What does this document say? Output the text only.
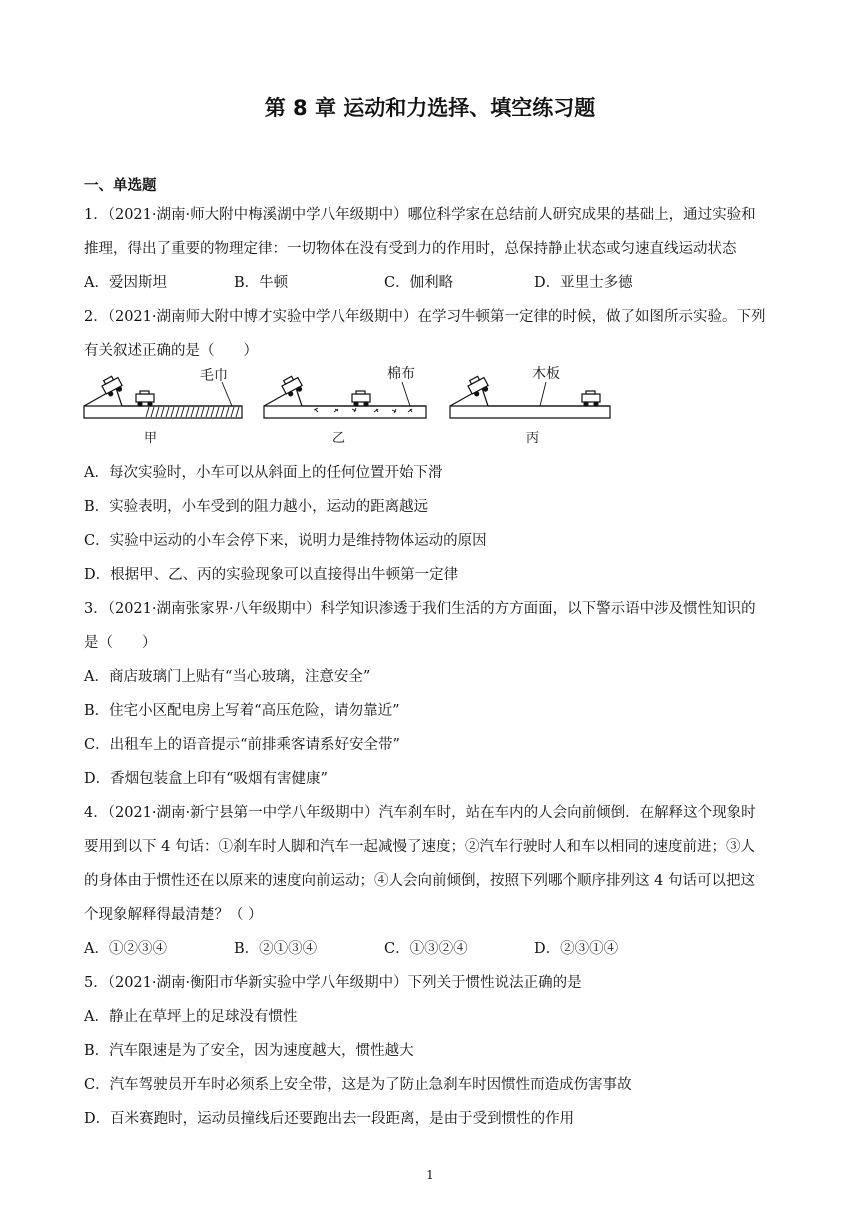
第 8 章 运动和力选择、填空练习题
一、单选题
1．（2021·湖南·师大附中梅溪湖中学八年级期中）哪位科学家在总结前人研究成果的基础上，通过实验和
推理，得出了重要的物理定律：一切物体在没有受到力的作用时，总保持静止状态或匀速直线运动状态
A．爱因斯坦	B．牛顿	C．伽利略	D．亚里士多德
2．（2021·湖南师大附中博才实验中学八年级期中）在学习牛顿第一定律的时候，做了如图所示实验。下列
有关叙述正确的是（　　）
毛巾
甲
棉布
乙
木板
丙
A．每次实验时，小车可以从斜面上的任何位置开始下滑
B．实验表明，小车受到的阻力越小，运动的距离越远
C．实验中运动的小车会停下来，说明力是维持物体运动的原因
D．根据甲、乙、丙的实验现象可以直接得出牛顿第一定律
3．（2021·湖南张家界·八年级期中）科学知识渗透于我们生活的方方面面，以下警示语中涉及惯性知识的
是（　　）
A．商店玻璃门上贴有“当心玻璃，注意安全”
B．住宅小区配电房上写着“高压危险，请勿靠近”
C．出租车上的语音提示“前排乘客请系好安全带”
D．香烟包装盒上印有“吸烟有害健康”
4．（2021·湖南·新宁县第一中学八年级期中）汽车刹车时，站在车内的人会向前倾倒．在解释这个现象时
要用到以下 4 句话：①刹车时人脚和汽车一起减慢了速度；②汽车行驶时人和车以相同的速度前进；③人
的身体由于惯性还在以原来的速度向前运动；④人会向前倾倒，按照下列哪个顺序排列这 4 句话可以把这
个现象解释得最清楚？（ ）
A．①②③④	B．②①③④	C．①③②④	D．②③①④
5．（2021·湖南·衡阳市华新实验中学八年级期中）下列关于惯性说法正确的是
A．静止在草坪上的足球没有惯性
B．汽车限速是为了安全，因为速度越大，惯性越大
C．汽车驾驶员开车时必须系上安全带，这是为了防止急刹车时因惯性而造成伤害事故
D．百米赛跑时，运动员撞线后还要跑出去一段距离，是由于受到惯性的作用
1
